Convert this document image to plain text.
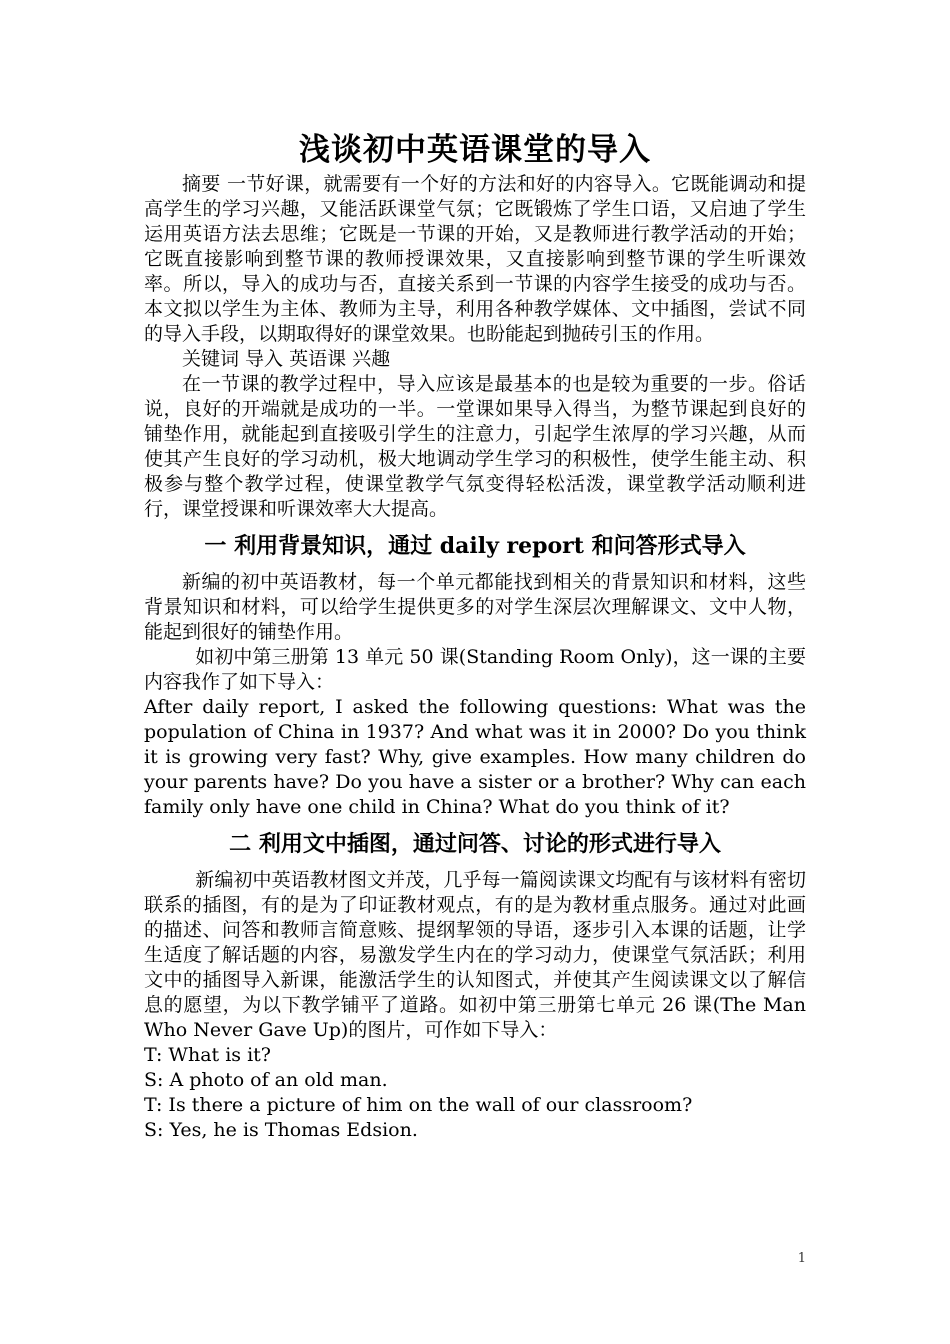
浅谈初中英语课堂的导入

摘要 一节好课，就需要有一个好的方法和好的内容导入。它既能调动和提高学生的学习兴趣，又能活跃课堂气氛；它既锻炼了学生口语，又启迪了学生运用英语方法去思维；它既是一节课的开始，又是教师进行教学活动的开始；它既直接影响到整节课的教师授课效果，又直接影响到整节课的学生听课效率。所以，导入的成功与否，直接关系到一节课的内容学生接受的成功与否。本文拟以学生为主体、教师为主导，利用各种教学媒体、文中插图，尝试不同的导入手段，以期取得好的课堂效果。也盼能起到抛砖引玉的作用。

关键词 导入 英语课 兴趣

在一节课的教学过程中，导入应该是最基本的也是较为重要的一步。俗话说，良好的开端就是成功的一半。一堂课如果导入得当，为整节课起到良好的铺垫作用，就能起到直接吸引学生的注意力，引起学生浓厚的学习兴趣，从而使其产生良好的学习动机，极大地调动学生学习的积极性，使学生能主动、积极参与整个教学过程，使课堂教学气氛变得轻松活泼，课堂教学活动顺利进行，课堂授课和听课效率大大提高。

一 利用背景知识，通过 daily report 和问答形式导入

新编的初中英语教材，每一个单元都能找到相关的背景知识和材料，这些背景知识和材料，可以给学生提供更多的对学生深层次理解课文、文中人物，能起到很好的铺垫作用。

如初中第三册第 13 单元 50 课(Standing Room Only)，这一课的主要内容我作了如下导入：

After daily report, I asked the following questions: What was the population of China in 1937? And what was it in 2000? Do you think it is growing very fast? Why, give examples. How many children do your parents have? Do you have a sister or a brother? Why can each family only have one child in China? What do you think of it?

二 利用文中插图，通过问答、讨论的形式进行导入

新编初中英语教材图文并茂，几乎每一篇阅读课文均配有与该材料有密切联系的插图，有的是为了印证教材观点，有的是为教材重点服务。通过对此画的描述、问答和教师言简意赅、提纲挈领的导语，逐步引入本课的话题，让学生适度了解话题的内容，易激发学生内在的学习动力，使课堂气氛活跃；利用文中的插图导入新课，能激活学生的认知图式，并使其产生阅读课文以了解信息的愿望，为以下教学铺平了道路。如初中第三册第七单元 26 课(The Man Who Never Gave Up)的图片，可作如下导入：

T: What is it?

S: A photo of an old man.

T: Is there a picture of him on the wall of our classroom?

S: Yes, he is Thomas Edsion.

1
